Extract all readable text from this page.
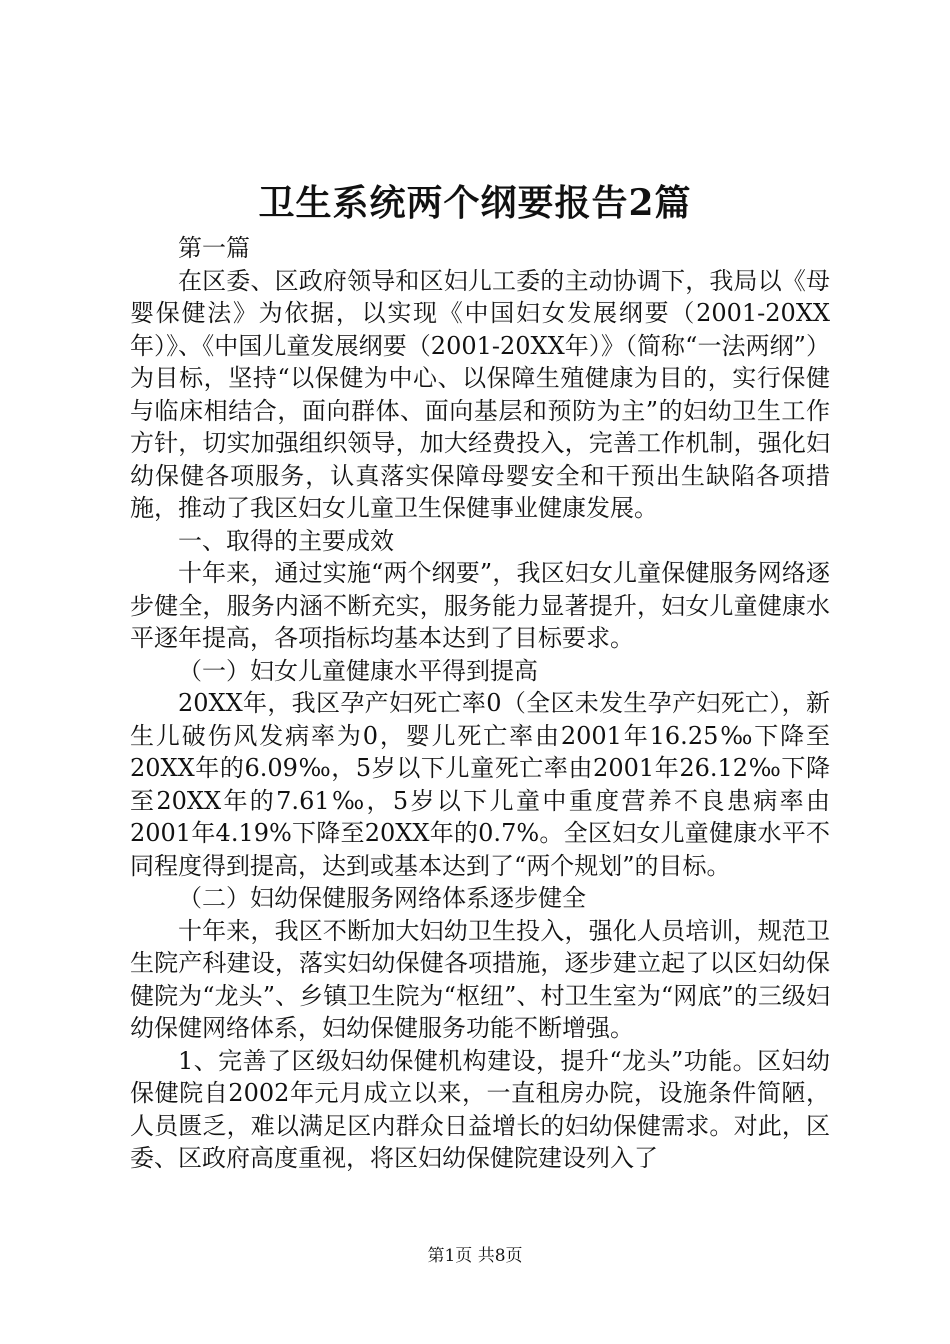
卫生系统两个纲要报告2篇

第一篇

在区委、区政府领导和区妇儿工委的主动协调下，我局以《母婴保健法》为依据，以实现《中国妇女发展纲要（2001-20XX年）》、《中国儿童发展纲要（2001-20XX年）》（简称“一法两纲”）为目标，坚持“以保健为中心、以保障生殖健康为目的，实行保健与临床相结合，面向群体、面向基层和预防为主”的妇幼卫生工作方针，切实加强组织领导，加大经费投入，完善工作机制，强化妇幼保健各项服务，认真落实保障母婴安全和干预出生缺陷各项措施，推动了我区妇女儿童卫生保健事业健康发展。

一、取得的主要成效

十年来，通过实施“两个纲要”，我区妇女儿童保健服务网络逐步健全，服务内涵不断充实，服务能力显著提升，妇女儿童健康水平逐年提高，各项指标均基本达到了目标要求。

（一）妇女儿童健康水平得到提高

20XX年，我区孕产妇死亡率0（全区未发生孕产妇死亡），新生儿破伤风发病率为0，婴儿死亡率由2001年16.25‰下降至20XX年的6.09‰，5岁以下儿童死亡率由2001年26.12‰下降至20XX年的7.61‰，5岁以下儿童中重度营养不良患病率由2001年4.19%下降至20XX年的0.7%。全区妇女儿童健康水平不同程度得到提高，达到或基本达到了“两个规划”的目标。

（二）妇幼保健服务网络体系逐步健全

十年来，我区不断加大妇幼卫生投入，强化人员培训，规范卫生院产科建设，落实妇幼保健各项措施，逐步建立起了以区妇幼保健院为“龙头”、乡镇卫生院为“枢纽”、村卫生室为“网底”的三级妇幼保健网络体系，妇幼保健服务功能不断增强。

1、完善了区级妇幼保健机构建设，提升“龙头”功能。区妇幼保健院自2002年元月成立以来，一直租房办院，设施条件简陋，人员匮乏，难以满足区内群众日益增长的妇幼保健需求。对此，区委、区政府高度重视，将区妇幼保健院建设列入了

第1页 共8页
